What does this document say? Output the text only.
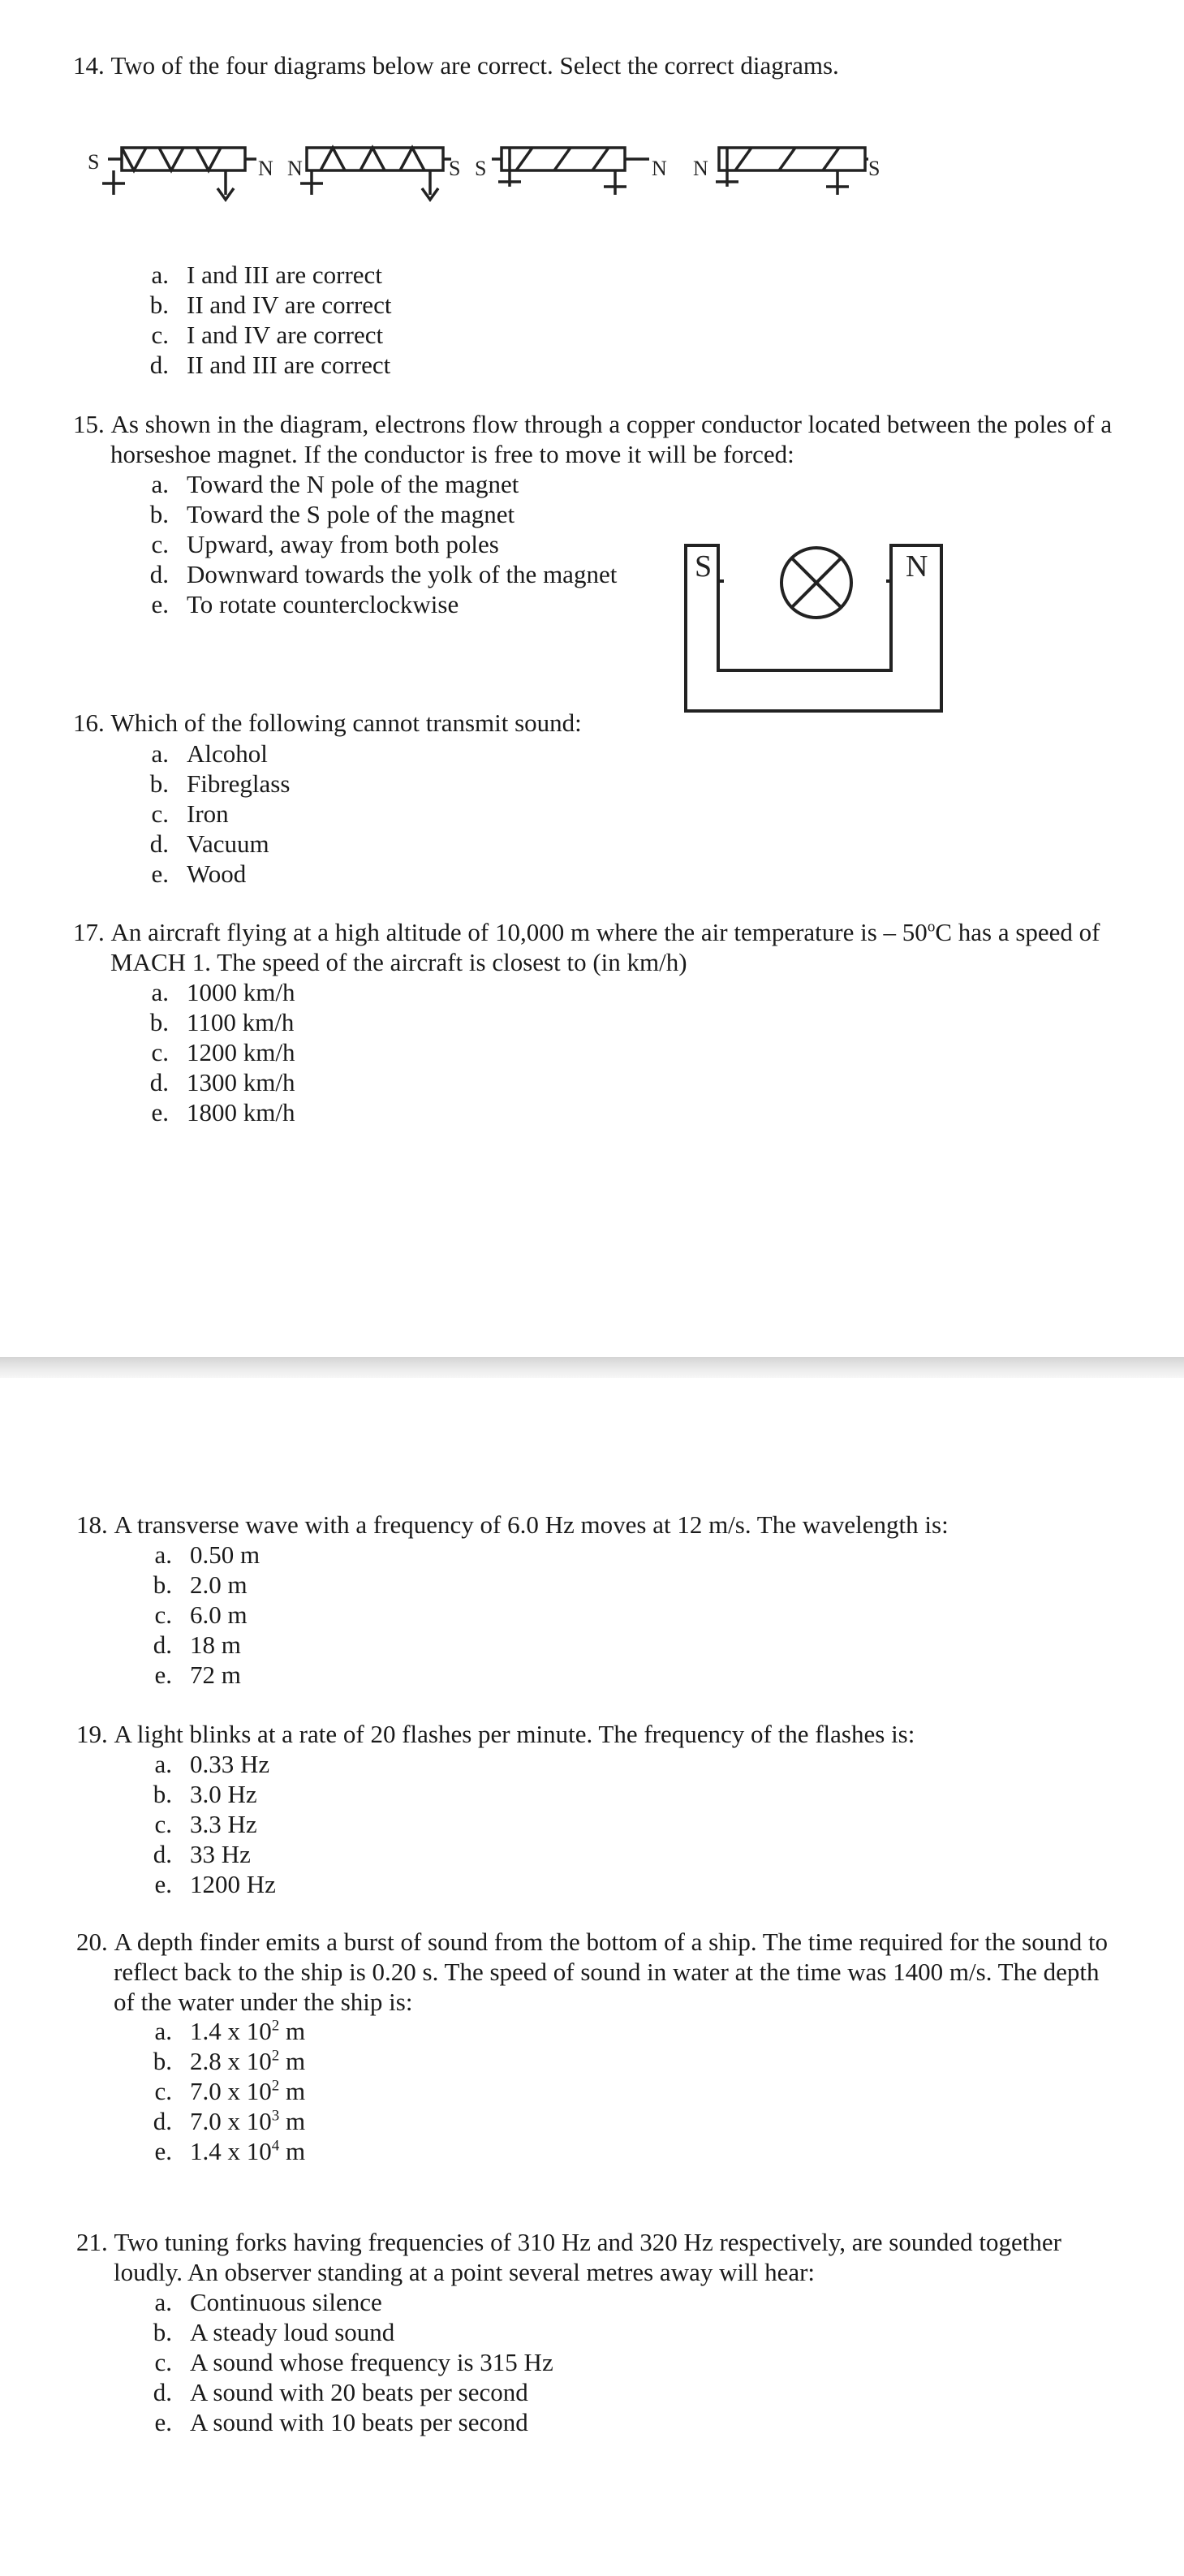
14. Two of the four diagrams below are correct. Select the correct diagrams.

S	N N	S S	N N	S
a. I and III are correct
b. II and IV are correct
c. I and IV are correct
d. II and III are correct

15. As shown in the diagram, electrons flow through a copper conductor located between the poles of a horseshoe magnet. If the conductor is free to move it will be forced:

a. Toward the N pole of the magnet
b. Toward the S pole of the magnet
c. Upward, away from both poles
d. Downward towards the yolk of the magnet
e. To rotate counterclockwise
S	N

16. Which of the following cannot transmit sound:

a. Alcohol
b. Fibreglass
c. Iron
d. Vacuum
e. Wood

17. An aircraft flying at a high altitude of 10,000 m where the air temperature is – 50$^o$C has a speed of MACH 1. The speed of the aircraft is closest to (in km/h)

a. 1000 km/h
b. 1100 km/h
c. 1200 km/h
d. 1300 km/h
e. 1800 km/h

18. A transverse wave with a frequency of 6.0 Hz moves at 12 m/s. The wavelength is:

a. 0.50 m
b. 2.0 m
c. 6.0 m
d. 18 m
e. 72 m

19. A light blinks at a rate of 20 flashes per minute. The frequency of the flashes is:

a. 0.33 Hz
b. 3.0 Hz
c. 3.3 Hz
d. 33 Hz
e. 1200 Hz

20. A depth finder emits a burst of sound from the bottom of a ship. The time required for the sound to reflect back to the ship is 0.20 s. The speed of sound in water at the time was 1400 m/s. The depth of the water under the ship is:

a. 1.4 x $10^2$ m
b. 2.8 x $10^2$ m
c. 7.0 x $10^2$ m
d. 7.0 x $10^3$ m
e. 1.4 x $10^4$ m

21. Two tuning forks having frequencies of 310 Hz and 320 Hz respectively, are sounded together loudly. An observer standing at a point several metres away will hear:

a. Continuous silence
b. A steady loud sound
c. A sound whose frequency is 315 Hz
d. A sound with 20 beats per second
e. A sound with 10 beats per second
